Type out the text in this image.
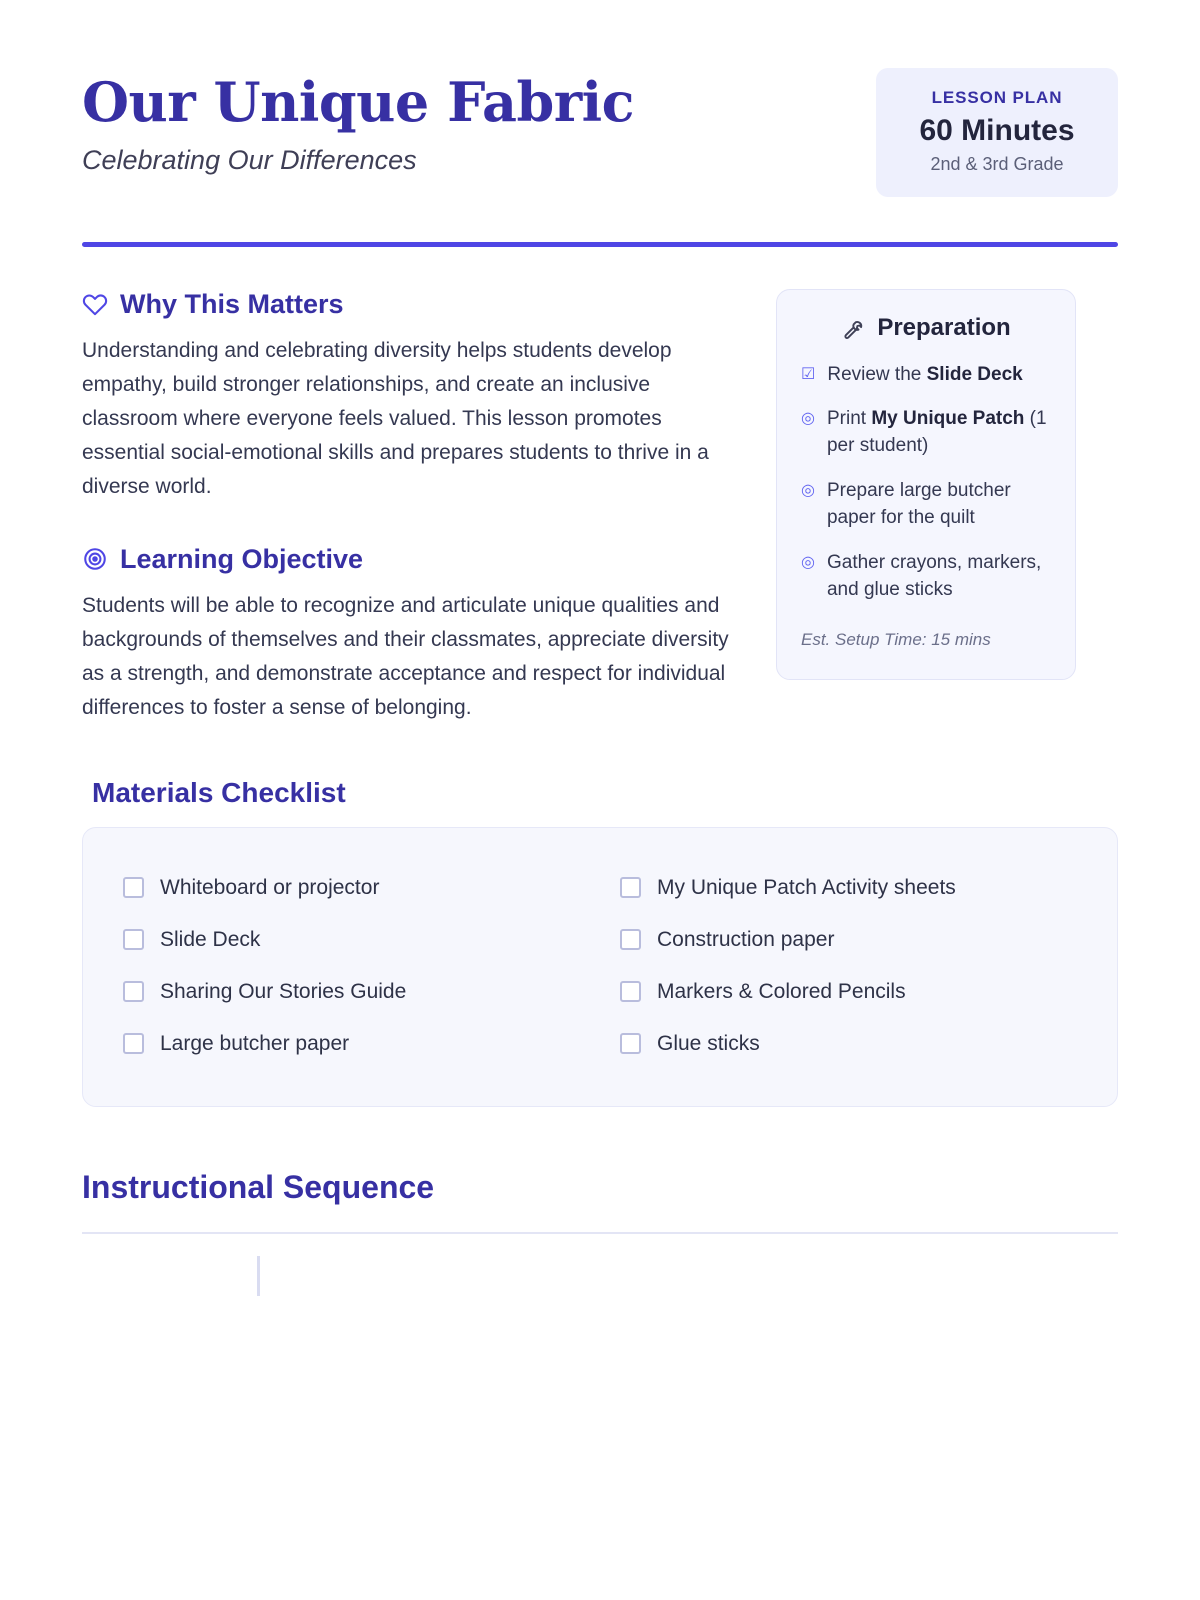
Our Unique Fabric

Celebrating Our Differences

LESSON PLAN
60 Minutes
2nd & 3rd Grade
Why This Matters

Understanding and celebrating diversity helps students develop empathy, build stronger relationships, and create an inclusive classroom where everyone feels valued. This lesson promotes essential social-emotional skills and prepares students to thrive in a diverse world.

Learning Objective

Students will be able to recognize and articulate unique qualities and backgrounds of themselves and their classmates, appreciate diversity as a strength, and demonstrate acceptance and respect for individual differences to foster a sense of belonging.

Preparation
☑ Review the Slide Deck
◎ Print My Unique Patch (1 per student)
◎ Prepare large butcher paper for the quilt
◎ Gather crayons, markers, and glue sticks
Est. Setup Time: 15 mins
Materials Checklist
Whiteboard or projector	My Unique Patch Activity sheets
Slide Deck	Construction paper
Sharing Our Stories Guide	Markers & Colored Pencils
Large butcher paper	Glue sticks
Instructional Sequence
